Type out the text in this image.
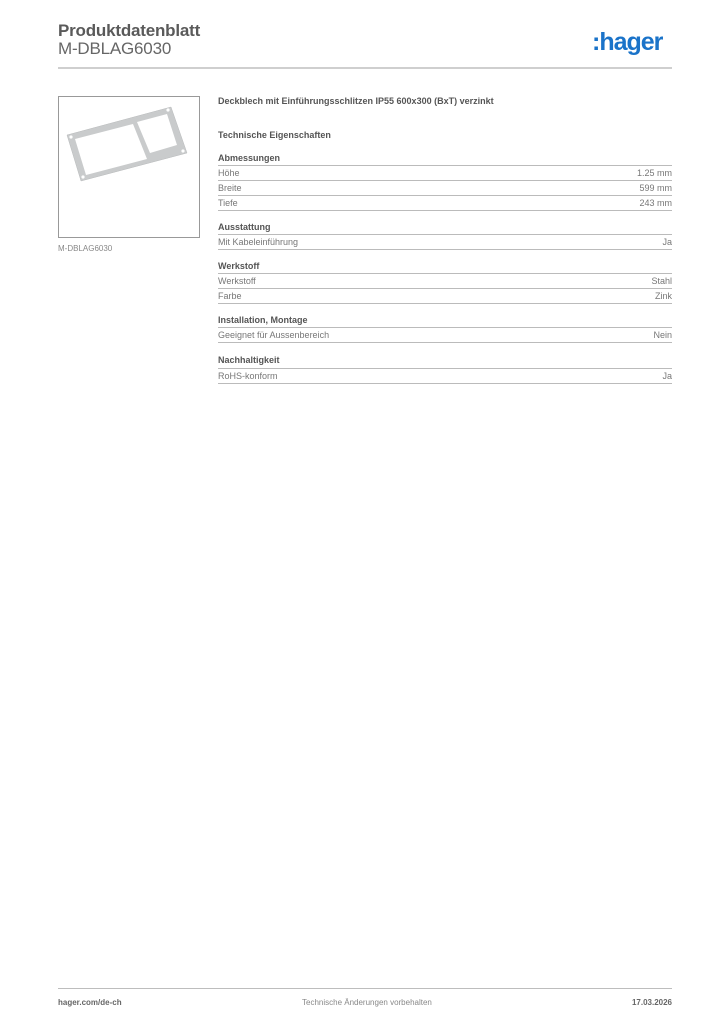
Produktdatenblatt
M-DBLAG6030	:hager
M-DBLAG6030
Deckblech mit Einführungsschlitzen IP55 600x300 (BxT) verzinkt
Technische Eigenschaften
Abmessungen
Höhe	1.25 mm
Breite	599 mm
Tiefe	243 mm
Ausstattung
Mit Kabeleinführung	Ja
Werkstoff
Werkstoff	Stahl
Farbe	Zink
Installation, Montage
Geeignet für Aussenbereich	Nein
Nachhaltigkeit
RoHS-konform	Ja
hager.com/de-ch	Technische Änderungen vorbehalten	17.03.2026
